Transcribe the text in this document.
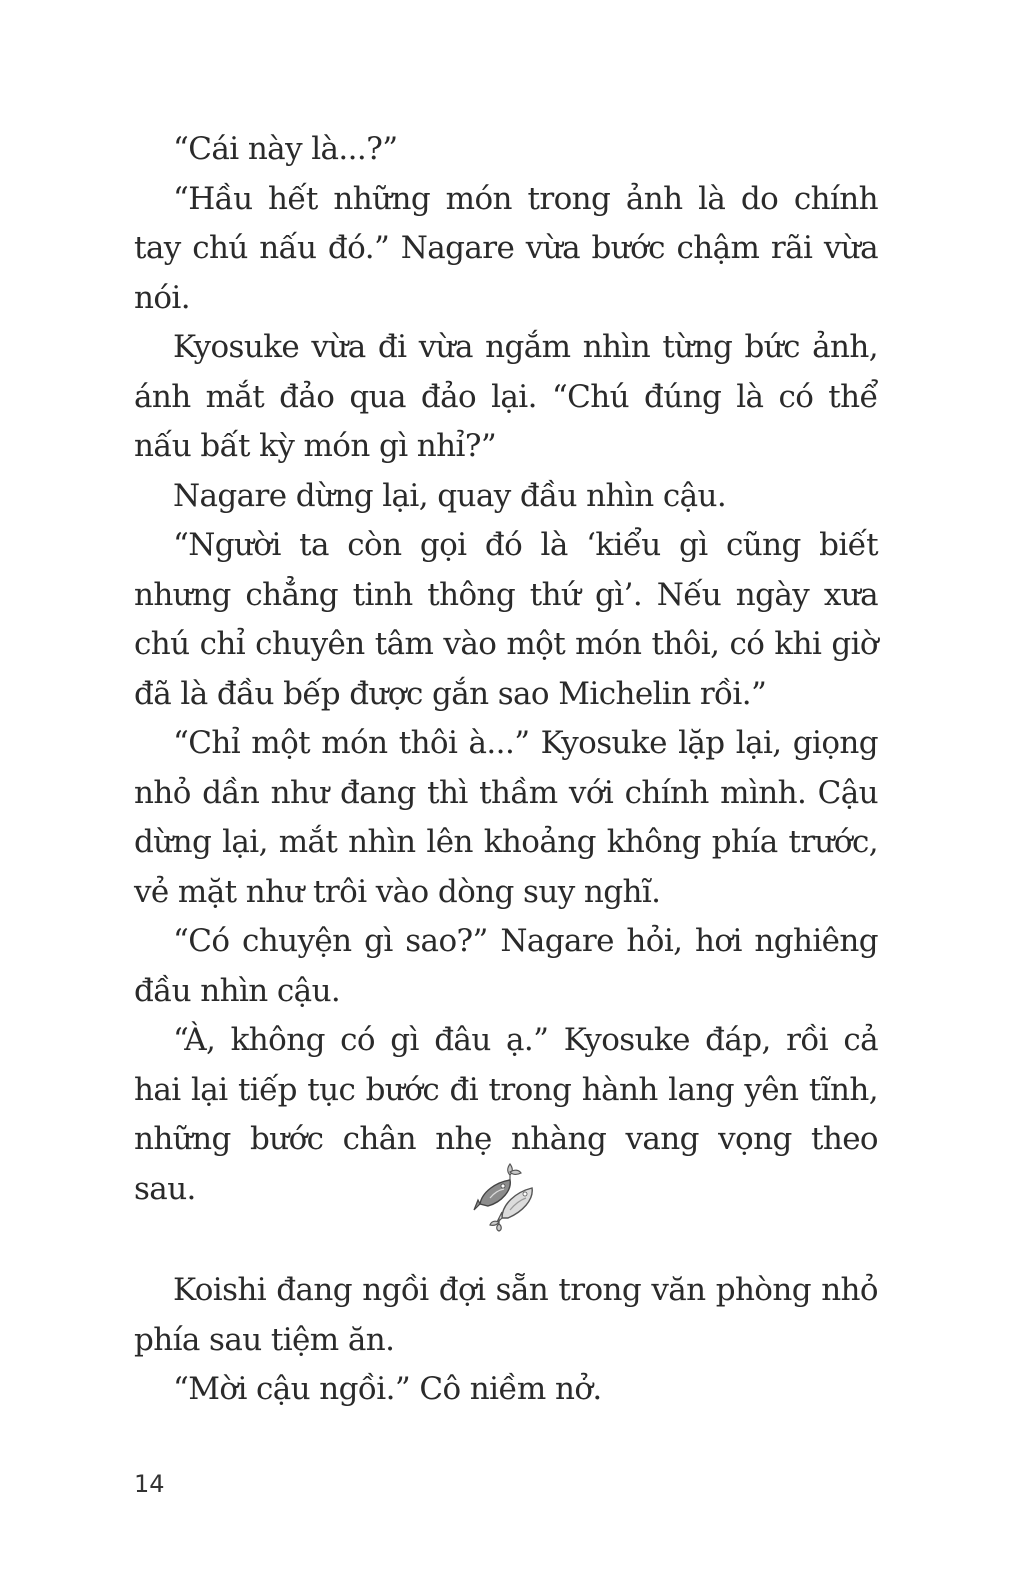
“Cái này là...?”

“Hầu hết những món trong ảnh là do chính tay chú nấu đó.” Nagare vừa bước chậm rãi vừa nói.

Kyosuke vừa đi vừa ngắm nhìn từng bức ảnh, ánh mắt đảo qua đảo lại. “Chú đúng là có thể nấu bất kỳ món gì nhỉ?”

Nagare dừng lại, quay đầu nhìn cậu.

“Người ta còn gọi đó là ‘kiểu gì cũng biết nhưng chẳng tinh thông thứ gì’. Nếu ngày xưa chú chỉ chuyên tâm vào một món thôi, có khi giờ đã là đầu bếp được gắn sao Michelin rồi.”

“Chỉ một món thôi à...” Kyosuke lặp lại, giọng nhỏ dần như đang thì thầm với chính mình. Cậu dừng lại, mắt nhìn lên khoảng không phía trước, vẻ mặt như trôi vào dòng suy nghĩ.

“Có chuyện gì sao?” Nagare hỏi, hơi nghiêng đầu nhìn cậu.

“À, không có gì đâu ạ.” Kyosuke đáp, rồi cả hai lại tiếp tục bước đi trong hành lang yên tĩnh, những bước chân nhẹ nhàng vang vọng theo sau.

Koishi đang ngồi đợi sẵn trong văn phòng nhỏ phía sau tiệm ăn.

“Mời cậu ngồi.” Cô niềm nở.

14
